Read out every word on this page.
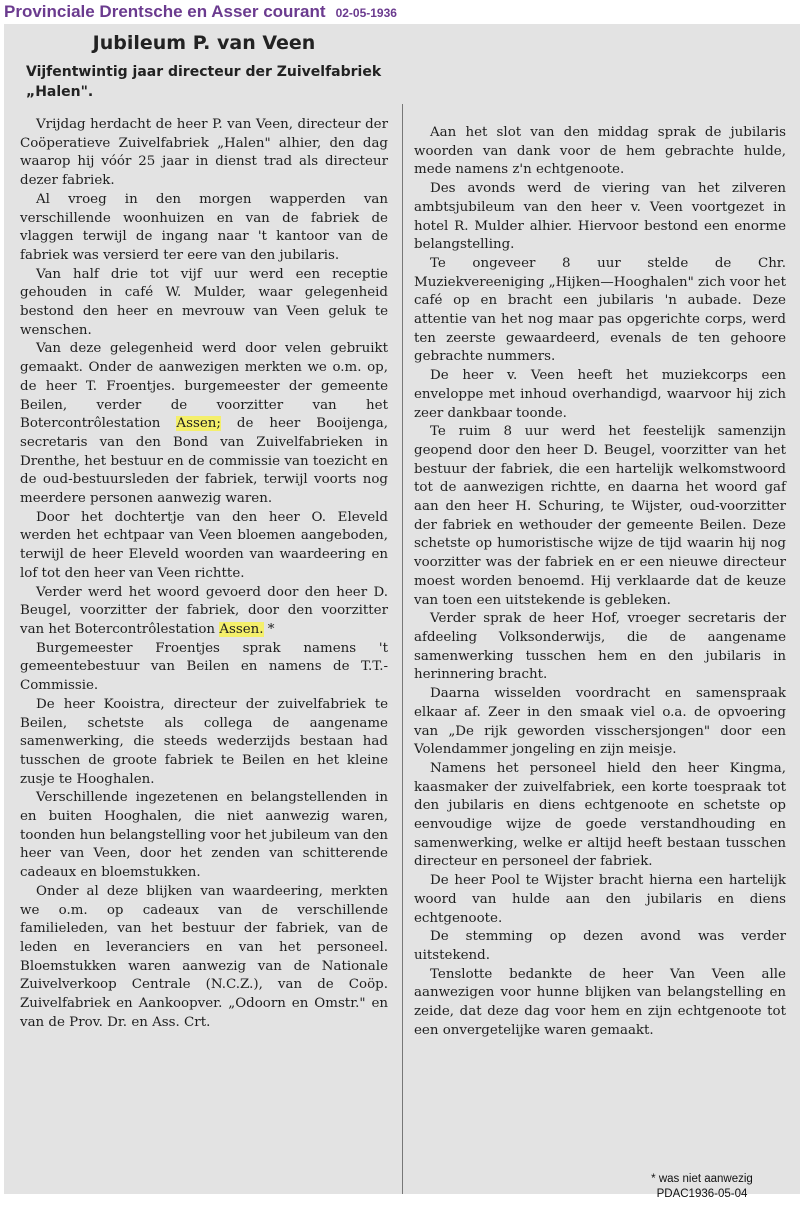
Provinciale Drentsche en Asser courant 02-05-1936
Jubileum P. van Veen
Vijfentwintig jaar directeur der Zuivelfabriek „Halen".

Vrijdag herdacht de heer P. van Veen, directeur der Coöperatieve Zuivelfabriek „Halen" alhier, den dag waarop hij vóór 25 jaar in dienst trad als directeur dezer fabriek.

Al vroeg in den morgen wapperden van verschillende woonhuizen en van de fabriek de vlaggen terwijl de ingang naar 't kantoor van de fabriek was versierd ter eere van den jubilaris.

Van half drie tot vijf uur werd een receptie gehouden in café W. Mulder, waar gelegenheid bestond den heer en mevrouw van Veen geluk te wenschen.

Van deze gelegenheid werd door velen gebruikt gemaakt. Onder de aanwezigen merkten we o.m. op, de heer T. Froentjes. burgemeester der gemeente Beilen, verder de voorzitter van het Botercontrôlestation Assen; de heer Booijenga, secretaris van den Bond van Zuivelfabrieken in Drenthe, het bestuur en de commissie van toezicht en de oud-bestuursleden der fabriek, terwijl voorts nog meerdere personen aanwezig waren.

Door het dochtertje van den heer O. Eleveld werden het echtpaar van Veen bloemen aangeboden, terwijl de heer Eleveld woorden van waardeering en lof tot den heer van Veen richtte.

Verder werd het woord gevoerd door den heer D. Beugel, voorzitter der fabriek, door den voorzitter van het Botercontrôlestation Assen. *

Burgemeester Froentjes sprak namens 't gemeentebestuur van Beilen en namens de T.T.-Commissie.

De heer Kooistra, directeur der zuivelfabriek te Beilen, schetste als collega de aangename samenwerking, die steeds wederzijds bestaan had tusschen de groote fabriek te Beilen en het kleine zusje te Hooghalen.

Verschillende ingezetenen en belangstellenden in en buiten Hooghalen, die niet aanwezig waren, toonden hun belangstelling voor het jubileum van den heer van Veen, door het zenden van schitterende cadeaux en bloemstukken.

Onder al deze blijken van waardeering, merkten we o.m. op cadeaux van de verschillende familieleden, van het bestuur der fabriek, van de leden en leveranciers en van het personeel. Bloemstukken waren aanwezig van de Nationale Zuivelverkoop Centrale (N.C.Z.), van de Coöp. Zuivelfabriek en Aankoopver. „Odoorn en Omstr." en van de Prov. Dr. en Ass. Crt.

Aan het slot van den middag sprak de jubilaris woorden van dank voor de hem gebrachte hulde, mede namens z'n echtgenoote.

Des avonds werd de viering van het zilveren ambtsjubileum van den heer v. Veen voortgezet in hotel R. Mulder alhier. Hiervoor bestond een enorme belangstelling.

Te ongeveer 8 uur stelde de Chr. Muziekvereeniging „Hijken—Hooghalen" zich voor het café op en bracht een jubilaris 'n aubade. Deze attentie van het nog maar pas opgerichte corps, werd ten zeerste gewaardeerd, evenals de ten gehoore gebrachte nummers.

De heer v. Veen heeft het muziekcorps een enveloppe met inhoud overhandigd, waarvoor hij zich zeer dankbaar toonde.

Te ruim 8 uur werd het feestelijk samenzijn geopend door den heer D. Beugel, voorzitter van het bestuur der fabriek, die een hartelijk welkomstwoord tot de aanwezigen richtte, en daarna het woord gaf aan den heer H. Schuring, te Wijster, oud-voorzitter der fabriek en wethouder der gemeente Beilen. Deze schetste op humoristische wijze de tijd waarin hij nog voorzitter was der fabriek en er een nieuwe directeur moest worden benoemd. Hij verklaarde dat de keuze van toen een uitstekende is gebleken.

Verder sprak de heer Hof, vroeger secretaris der afdeeling Volksonderwijs, die de aangename samenwerking tusschen hem en den jubilaris in herinnering bracht.

Daarna wisselden voordracht en samenspraak elkaar af. Zeer in den smaak viel o.a. de opvoering van „De rijk geworden visschersjongen" door een Volendammer jongeling en zijn meisje.

Namens het personeel hield den heer Kingma, kaasmaker der zuivelfabriek, een korte toespraak tot den jubilaris en diens echtgenoote en schetste op eenvoudige wijze de goede verstandhouding en samenwerking, welke er altijd heeft bestaan tusschen directeur en personeel der fabriek.

De heer Pool te Wijster bracht hierna een hartelijk woord van hulde aan den jubilaris en diens echtgenoote.

De stemming op dezen avond was verder uitstekend.

Tenslotte bedankte de heer Van Veen alle aanwezigen voor hunne blijken van belangstelling en zeide, dat deze dag voor hem en zijn echtgenoote tot een onvergetelijke waren gemaakt.

* was niet aanwezig
PDAC1936-05-04
